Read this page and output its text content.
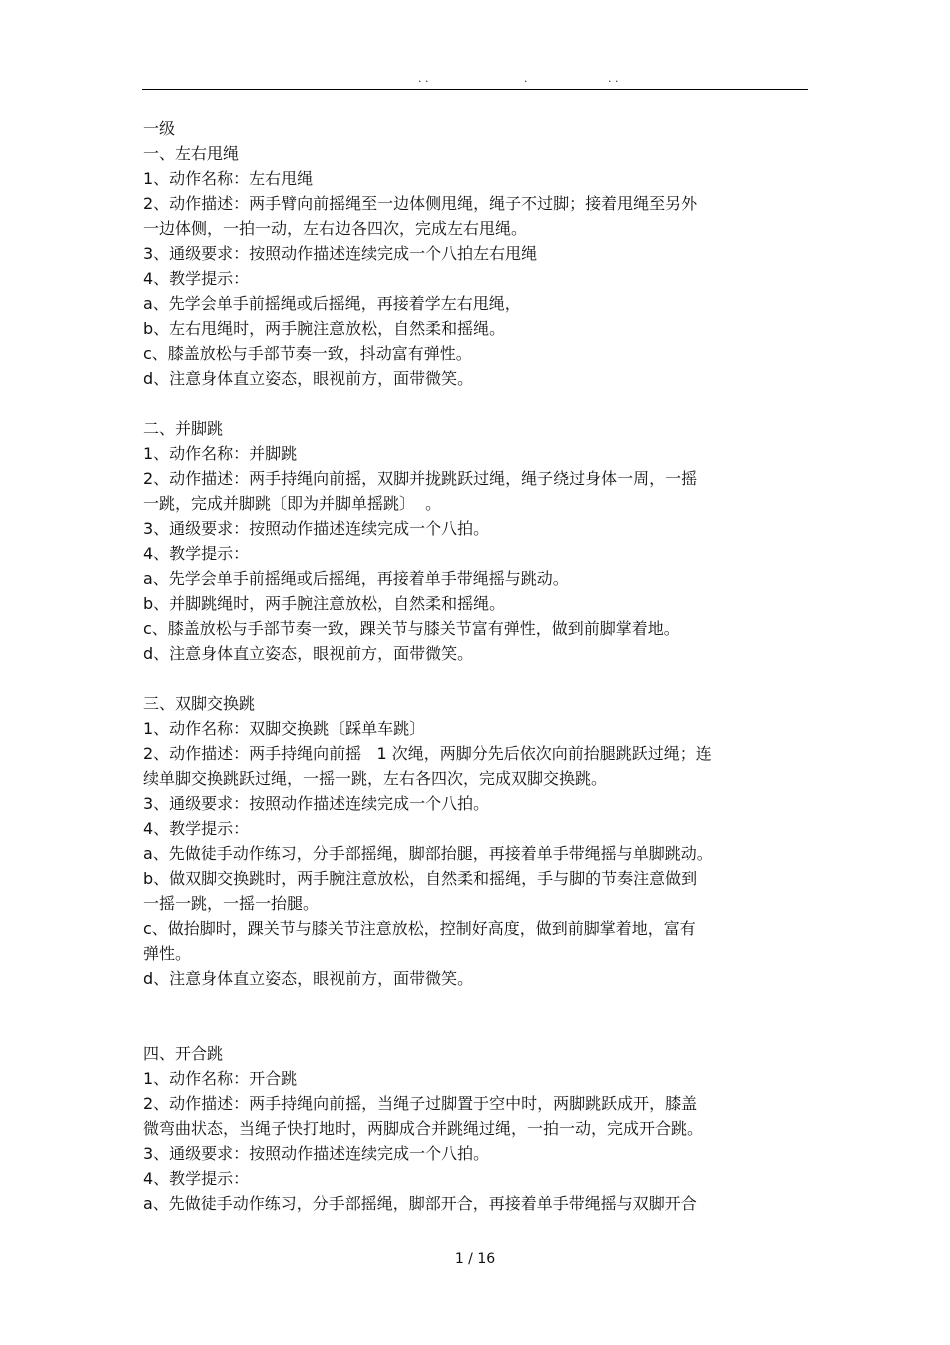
. .	.	. .
一级
一、左右甩绳
1、动作名称：左右甩绳
2、动作描述：两手臂向前摇绳至一边体侧甩绳，绳子不过脚；接着甩绳至另外
一边体侧，一拍一动，左右边各四次，完成左右甩绳。
3、通级要求：按照动作描述连续完成一个八拍左右甩绳
4、教学提示：
a、先学会单手前摇绳或后摇绳，再接着学左右甩绳，
b、左右甩绳时，两手腕注意放松，自然柔和摇绳。
c、膝盖放松与手部节奏一致，抖动富有弹性。
d、注意身体直立姿态，眼视前方，面带微笑。
二、并脚跳
1、动作名称：并脚跳
2、动作描述：两手持绳向前摇，双脚并拢跳跃过绳，绳子绕过身体一周，一摇
一跳，完成并脚跳〔即为并脚单摇跳〕  。
3、通级要求：按照动作描述连续完成一个八拍。
4、教学提示：
a、先学会单手前摇绳或后摇绳，再接着单手带绳摇与跳动。
b、并脚跳绳时，两手腕注意放松，自然柔和摇绳。
c、膝盖放松与手部节奏一致，踝关节与膝关节富有弹性，做到前脚掌着地。
d、注意身体直立姿态，眼视前方，面带微笑。
三、双脚交换跳
1、动作名称：双脚交换跳〔踩单车跳〕
2、动作描述：两手持绳向前摇   1 次绳，两脚分先后依次向前抬腿跳跃过绳；连
续单脚交换跳跃过绳，一摇一跳，左右各四次，完成双脚交换跳。
3、通级要求：按照动作描述连续完成一个八拍。
4、教学提示：
a、先做徒手动作练习，分手部摇绳，脚部抬腿，再接着单手带绳摇与单脚跳动。
b、做双脚交换跳时，两手腕注意放松，自然柔和摇绳，手与脚的节奏注意做到
一摇一跳，一摇一抬腿。
c、做抬脚时，踝关节与膝关节注意放松，控制好高度，做到前脚掌着地，富有
弹性。
d、注意身体直立姿态，眼视前方，面带微笑。
四、开合跳
1、动作名称：开合跳
2、动作描述：两手持绳向前摇，当绳子过脚置于空中时，两脚跳跃成开，膝盖
微弯曲状态，当绳子快打地时，两脚成合并跳绳过绳，一拍一动，完成开合跳。
3、通级要求：按照动作描述连续完成一个八拍。
4、教学提示：
a、先做徒手动作练习，分手部摇绳，脚部开合，再接着单手带绳摇与双脚开合
1 / 16
